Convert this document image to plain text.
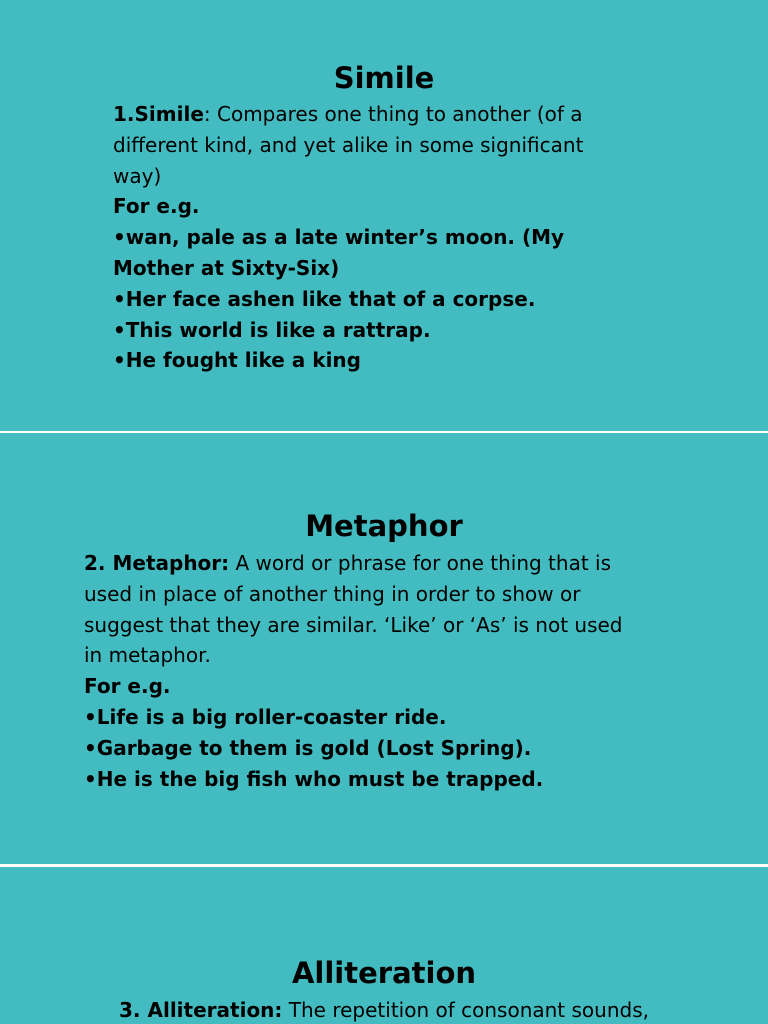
Simile

1.Simile: Compares one thing to another (of a different kind, and yet alike in some significant way)

For e.g.

•wan, pale as a late winter’s moon. (My Mother at Sixty-Six)

•Her face ashen like that of a corpse.

•This world is like a rattrap.

•He fought like a king

Metaphor

2. Metaphor: A word or phrase for one thing that is used in place of another thing in order to show or suggest that they are similar. ‘Like’ or ‘As’ is not used in metaphor.

For e.g.

•Life is a big roller-coaster ride.

•Garbage to them is gold (Lost Spring).

•He is the big fish who must be trapped.

Alliteration

3. Alliteration: The repetition of consonant sounds,
